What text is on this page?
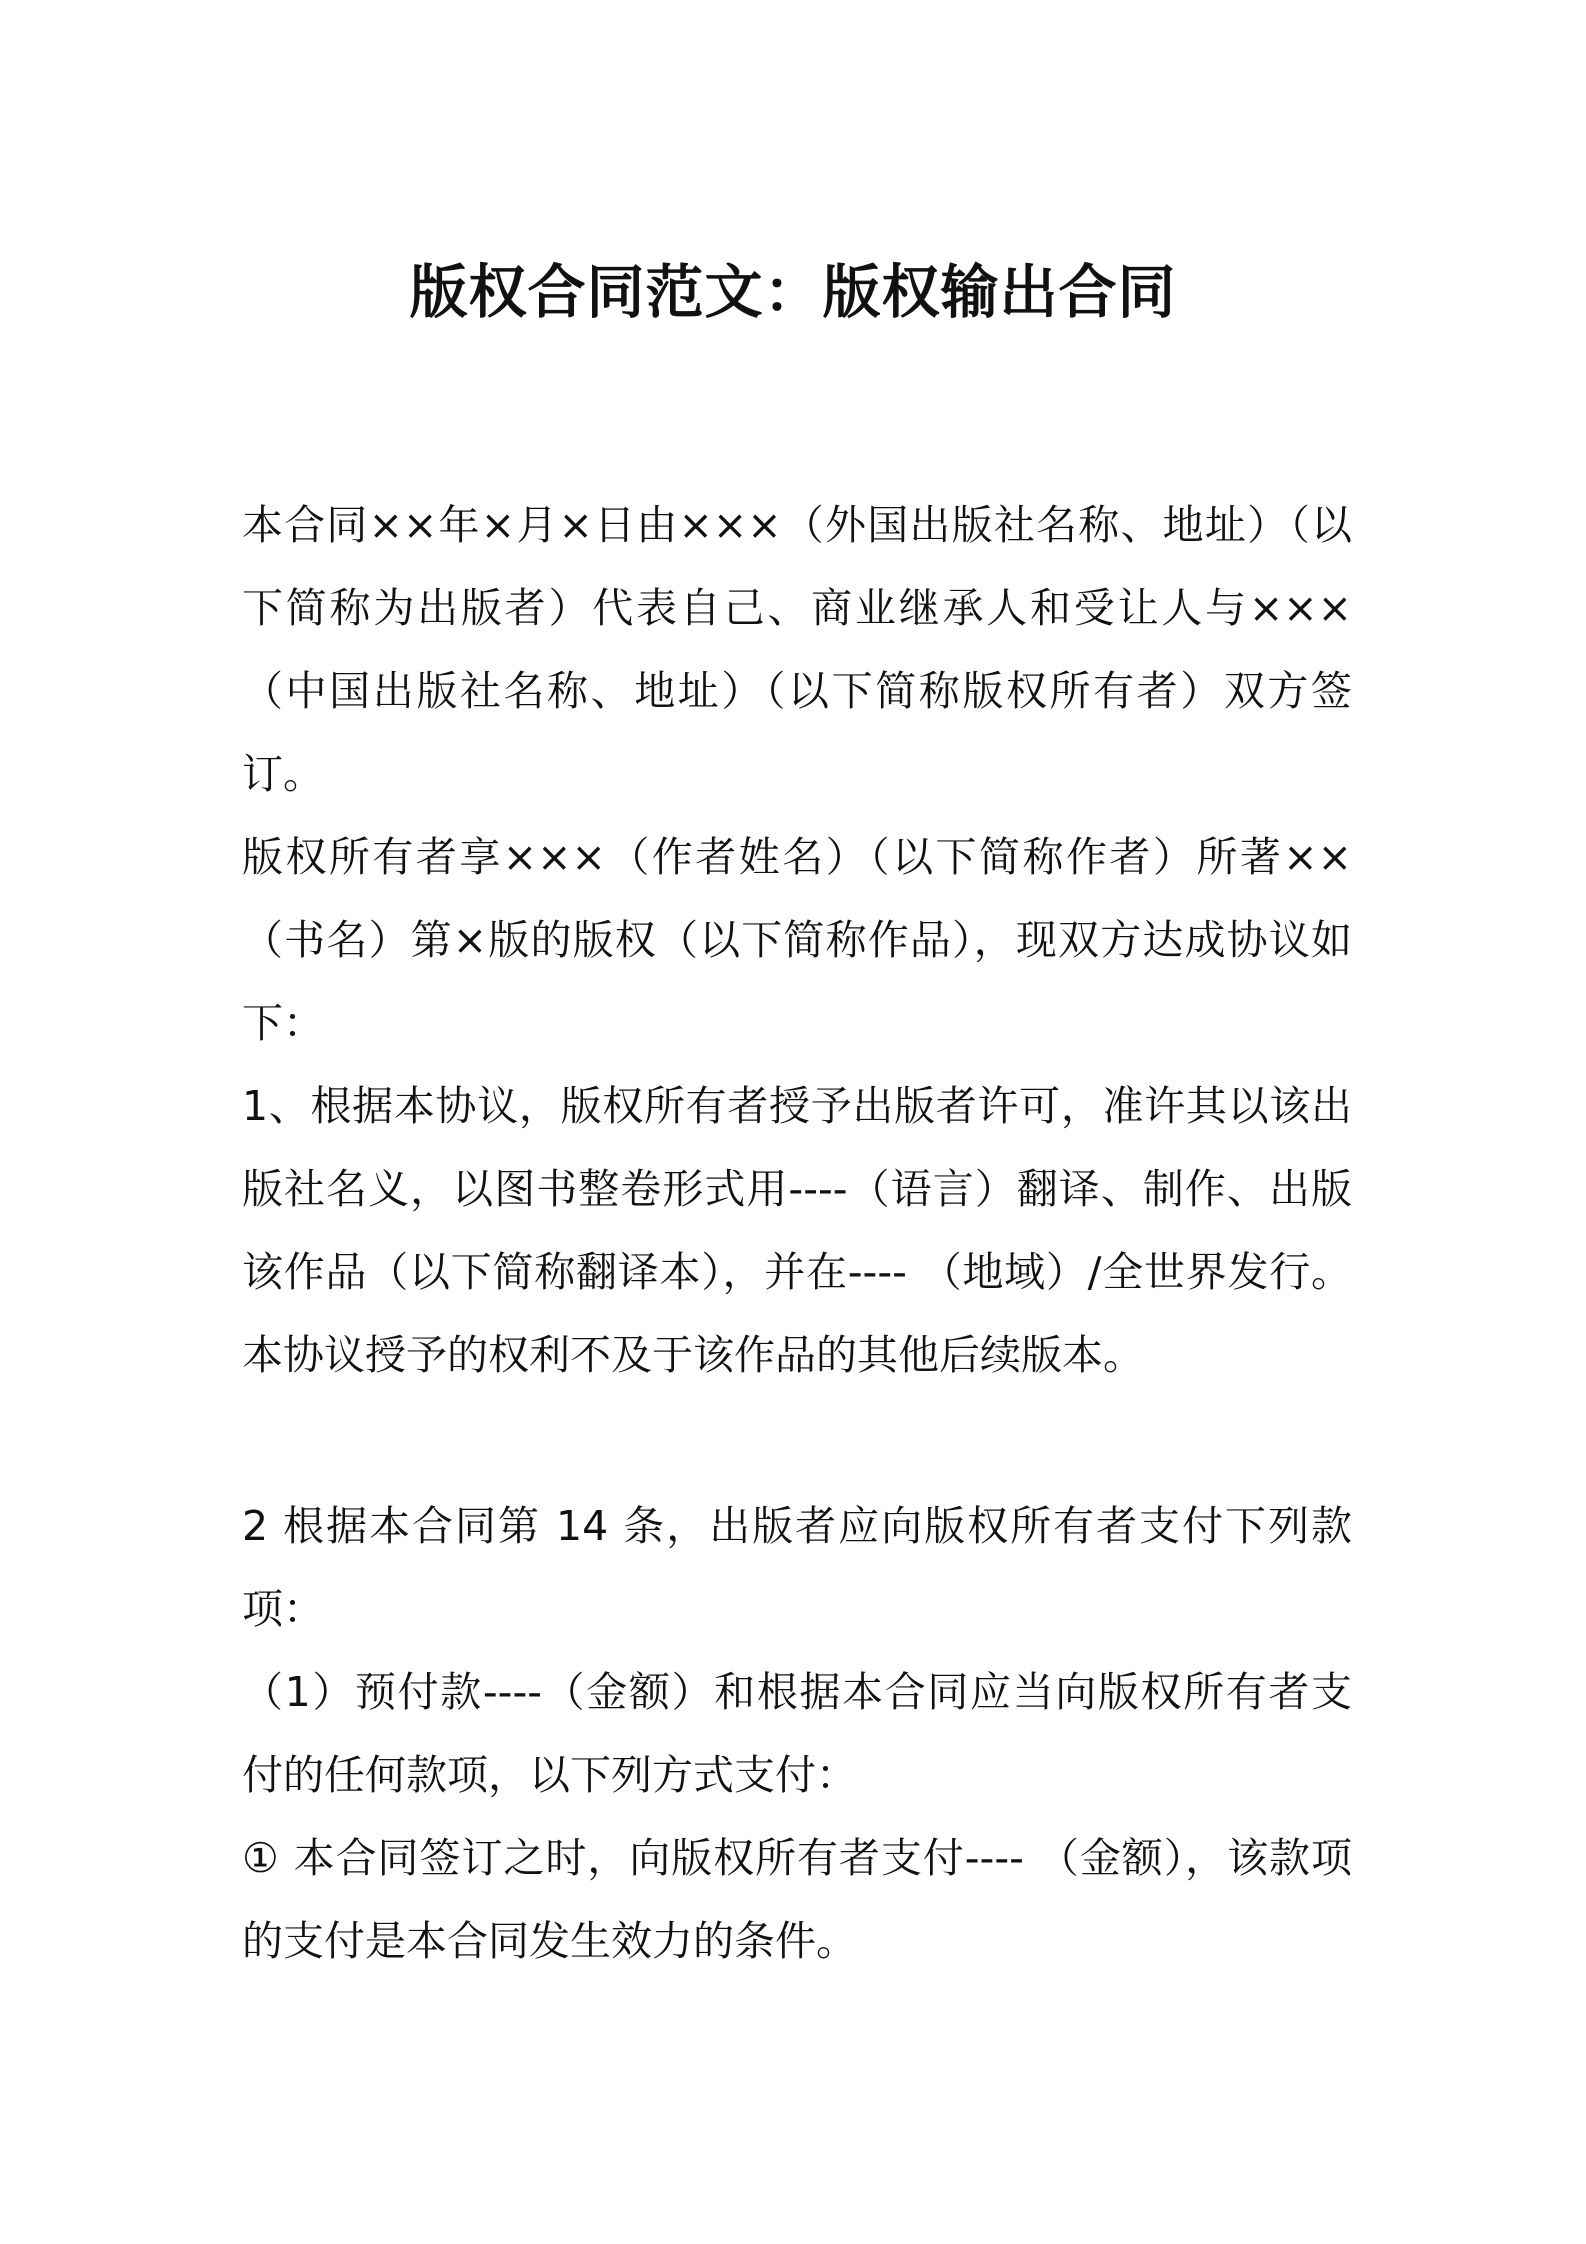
版权合同范文：版权输出合同

本合同××年×月×日由×××（外国出版社名称、地址）（以下简称为出版者）代表自己、商业继承人和受让人与×××（中国出版社名称、地址）（以下简称版权所有者）双方签订。

版权所有者享×××（作者姓名）（以下简称作者）所著××（书名）第×版的版权（以下简称作品），现双方达成协议如下：

1、根据本协议，版权所有者授予出版者许可，准许其以该出版社名义，以图书整卷形式用----（语言）翻译、制作、出版该作品（以下简称翻译本），并在---- （地域）/全世界发行。本协议授予的权利不及于该作品的其他后续版本。

2 根据本合同第 14 条，出版者应向版权所有者支付下列款项：

（1）预付款----（金额）和根据本合同应当向版权所有者支付的任何款项，以下列方式支付：

① 本合同签订之时，向版权所有者支付---- （金额），该款项的支付是本合同发生效力的条件。
